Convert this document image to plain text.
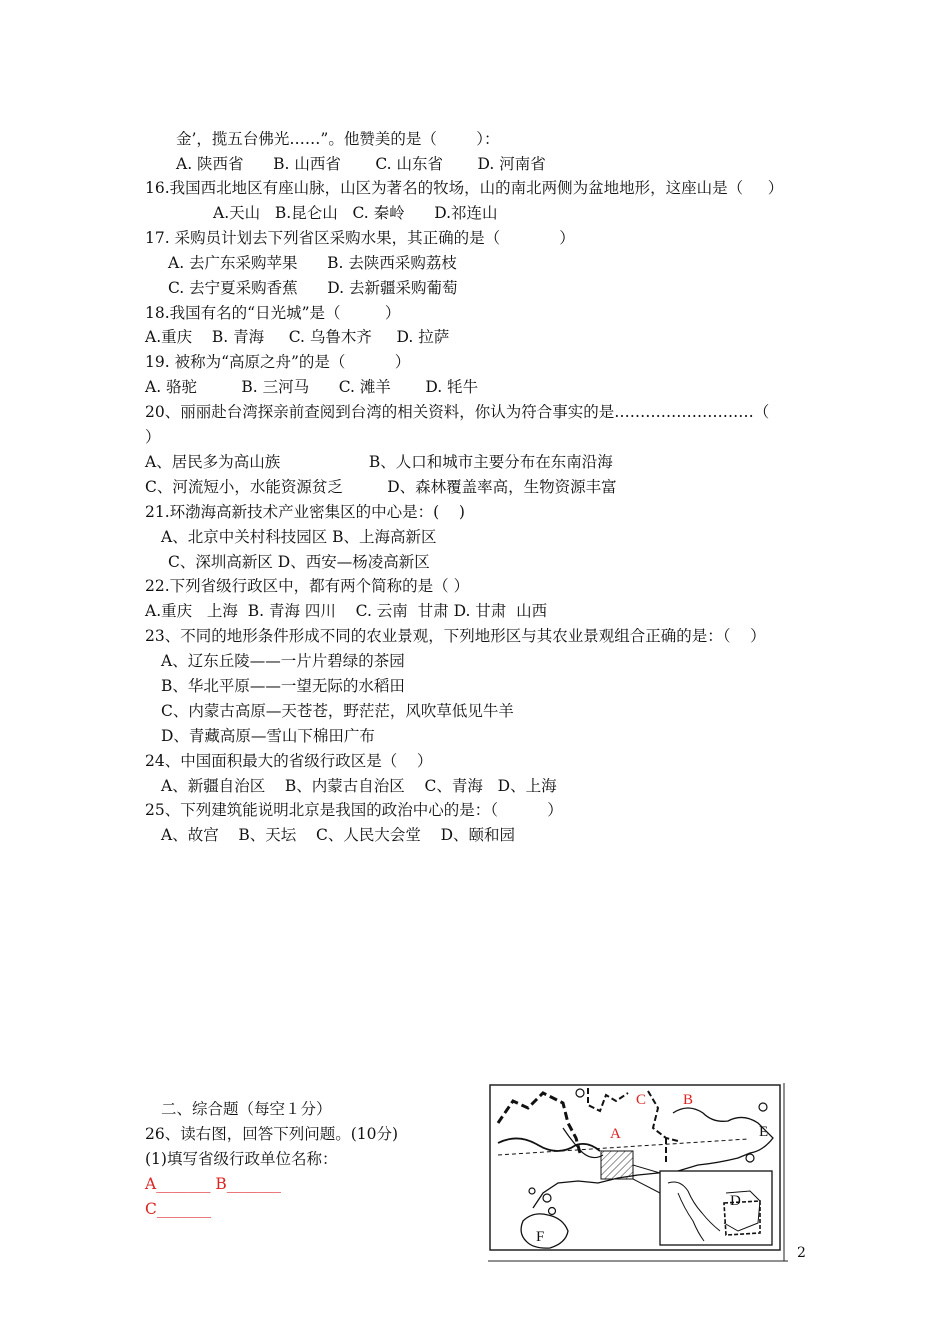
金’，揽五台佛光……”。他赞美的是（        ）：
A. 陕西省      B. 山西省       C. 山东省       D. 河南省
16.我国西北地区有座山脉，山区为著名的牧场，山的南北两侧为盆地地形，这座山是（     ）
A.天山   B.昆仑山   C. 秦岭      D.祁连山
17. 采购员计划去下列省区采购水果，其正确的是（            ）
A. 去广东采购苹果      B. 去陕西采购荔枝
C. 去宁夏采购香蕉      D. 去新疆采购葡萄
18.我国有名的“日光城”是（         ）
A.重庆    B. 青海     C. 乌鲁木齐     D. 拉萨
19. 被称为“高原之舟”的是（          ）
A. 骆驼         B. 三河马      C. 滩羊       D. 牦牛
20、丽丽赴台湾探亲前查阅到台湾的相关资料，你认为符合事实的是………………………（
）
A、居民多为高山族                  B、人口和城市主要分布在东南沿海
C、河流短小，水能资源贫乏         D、森林覆盖率高，生物资源丰富
21.环渤海高新技术产业密集区的中心是：(    )
A、北京中关村科技园区 B、上海高新区
C、深圳高新区 D、西安—杨凌高新区
22.下列省级行政区中，都有两个简称的是（ ）
A.重庆   上海  B. 青海 四川    C. 云南  甘肃 D. 甘肃  山西
23、不同的地形条件形成不同的农业景观，下列地形区与其农业景观组合正确的是：（    ）
A、辽东丘陵——一片片碧绿的茶园
B、华北平原——一望无际的水稻田
C、内蒙古高原—天苍苍，野茫茫，风吹草低见牛羊
D、青藏高原—雪山下棉田广布
24、中国面积最大的省级行政区是（    ）
A、新疆自治区    B、内蒙古自治区    C、青海   D、上海
25、下列建筑能说明北京是我国的政治中心的是：（          ）
A、故宫    B、天坛    C、人民大会堂    D、颐和园
二、综合题（每空１分）
26、读右图，回答下列问题。(10分)
(1)填写省级行政单位名称：
A_______ B_______
C_______
C B
A	E
D
F
2
